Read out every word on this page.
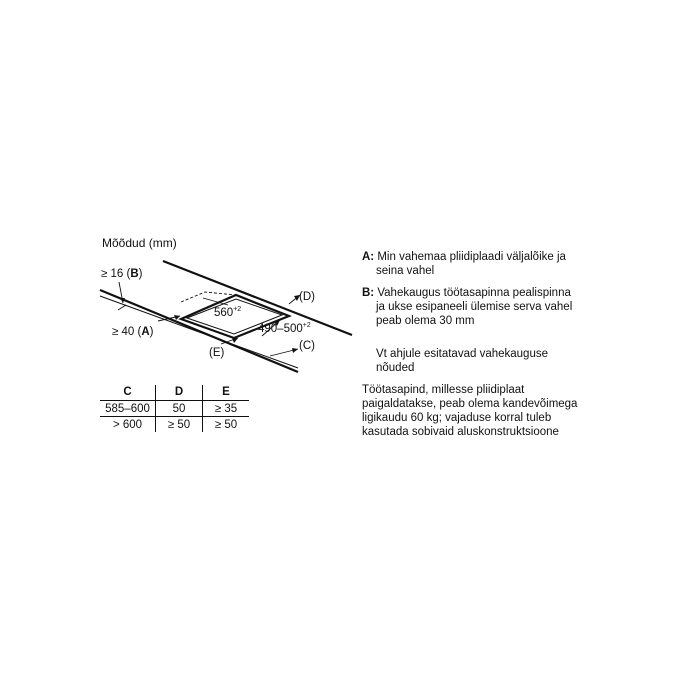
Mõõdud (mm)
≥ 16 (B)
≥ 40 (A)
$560^{+2}$
$490-500^{+2}$
(D)
(C)
(E)
C	D	E
585–600	50	≥ 35
> 600	≥ 50	≥ 50
A: Min vahemaa pliidiplaadi väljalõike ja
seina vahel
B: Vahekaugus töötasapinna pealispinna
ja ukse esipaneeli ülemise serva vahel
peab olema 30 mm
Vt ahjule esitatavad vahekauguse
nõuded
Töötasapind, millesse pliidiplaat
paigaldatakse, peab olema kandevõimega
ligikaudu 60 kg; vajaduse korral tuleb
kasutada sobivaid aluskonstruktsioone
